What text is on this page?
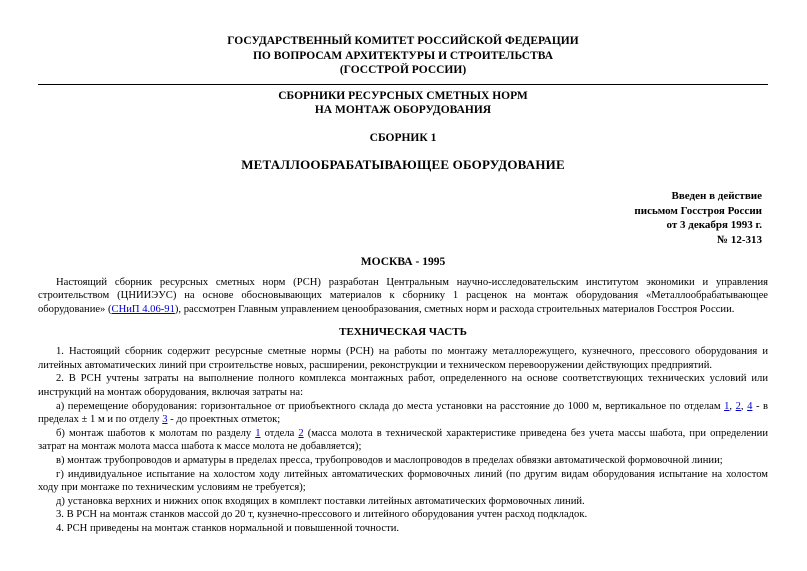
ГОСУДАРСТВЕННЫЙ КОМИТЕТ РОССИЙСКОЙ ФЕДЕРАЦИИ
ПО ВОПРОСАМ АРХИТЕКТУРЫ И СТРОИТЕЛЬСТВА
(ГОССТРОЙ РОССИИ)
СБОРНИКИ РЕСУРСНЫХ СМЕТНЫХ НОРМ
НА МОНТАЖ ОБОРУДОВАНИЯ
СБОРНИК 1
МЕТАЛЛООБРАБАТЫВАЮЩЕЕ ОБОРУДОВАНИЕ
Введен в действие
письмом Госстроя России
от 3 декабря 1993 г.
№ 12-313
МОСКВА - 1995

Настоящий сборник ресурсных сметных норм (РСН) разработан Центральным научно-исследовательским институтом экономики и управления строительством (ЦНИИЭУС) на основе обосновывающих материалов к сборнику 1 расценок на монтаж оборудования «Металлообрабатывающее оборудование» (СНиП 4.06-91), рассмотрен Главным управлением ценообразования, сметных норм и расхода строительных материалов Госстроя России.

ТЕХНИЧЕСКАЯ ЧАСТЬ

1. Настоящий сборник содержит ресурсные сметные нормы (РСН) на работы по монтажу металлорежущего, кузнечного, прессового оборудования и литейных автоматических линий при строительстве новых, расширении, реконструкции и техническом перевооружении действующих предприятий.

2. В РСН учтены затраты на выполнение полного комплекса монтажных работ, определенного на основе соответствующих технических условий или инструкций на монтаж оборудования, включая затраты на:

а) перемещение оборудования: горизонтальное от приобъектного склада до места установки на расстояние до 1000 м, вертикальное по отделам 1, 2, 4 - в пределах ± 1 м и по отделу 3 - до проектных отметок;

б) монтаж шаботов к молотам по разделу 1 отдела 2 (масса молота в технической характеристике приведена без учета массы шабота, при определении затрат на монтаж молота масса шабота к массе молота не добавляется);

в) монтаж трубопроводов и арматуры в пределах пресса, трубопроводов и маслопроводов в пределах обвязки автоматической формовочной линии;

г) индивидуальное испытание на холостом ходу литейных автоматических формовочных линий (по другим видам оборудования испытание на холостом ходу при монтаже по техническим условиям не требуется);

д) установка верхних и нижних опок входящих в комплект поставки литейных автоматических формовочных линий.

3. В РСН на монтаж станков массой до 20 т, кузнечно-прессового и литейного оборудования учтен расход подкладок.

4. РСН приведены на монтаж станков нормальной и повышенной точности.
